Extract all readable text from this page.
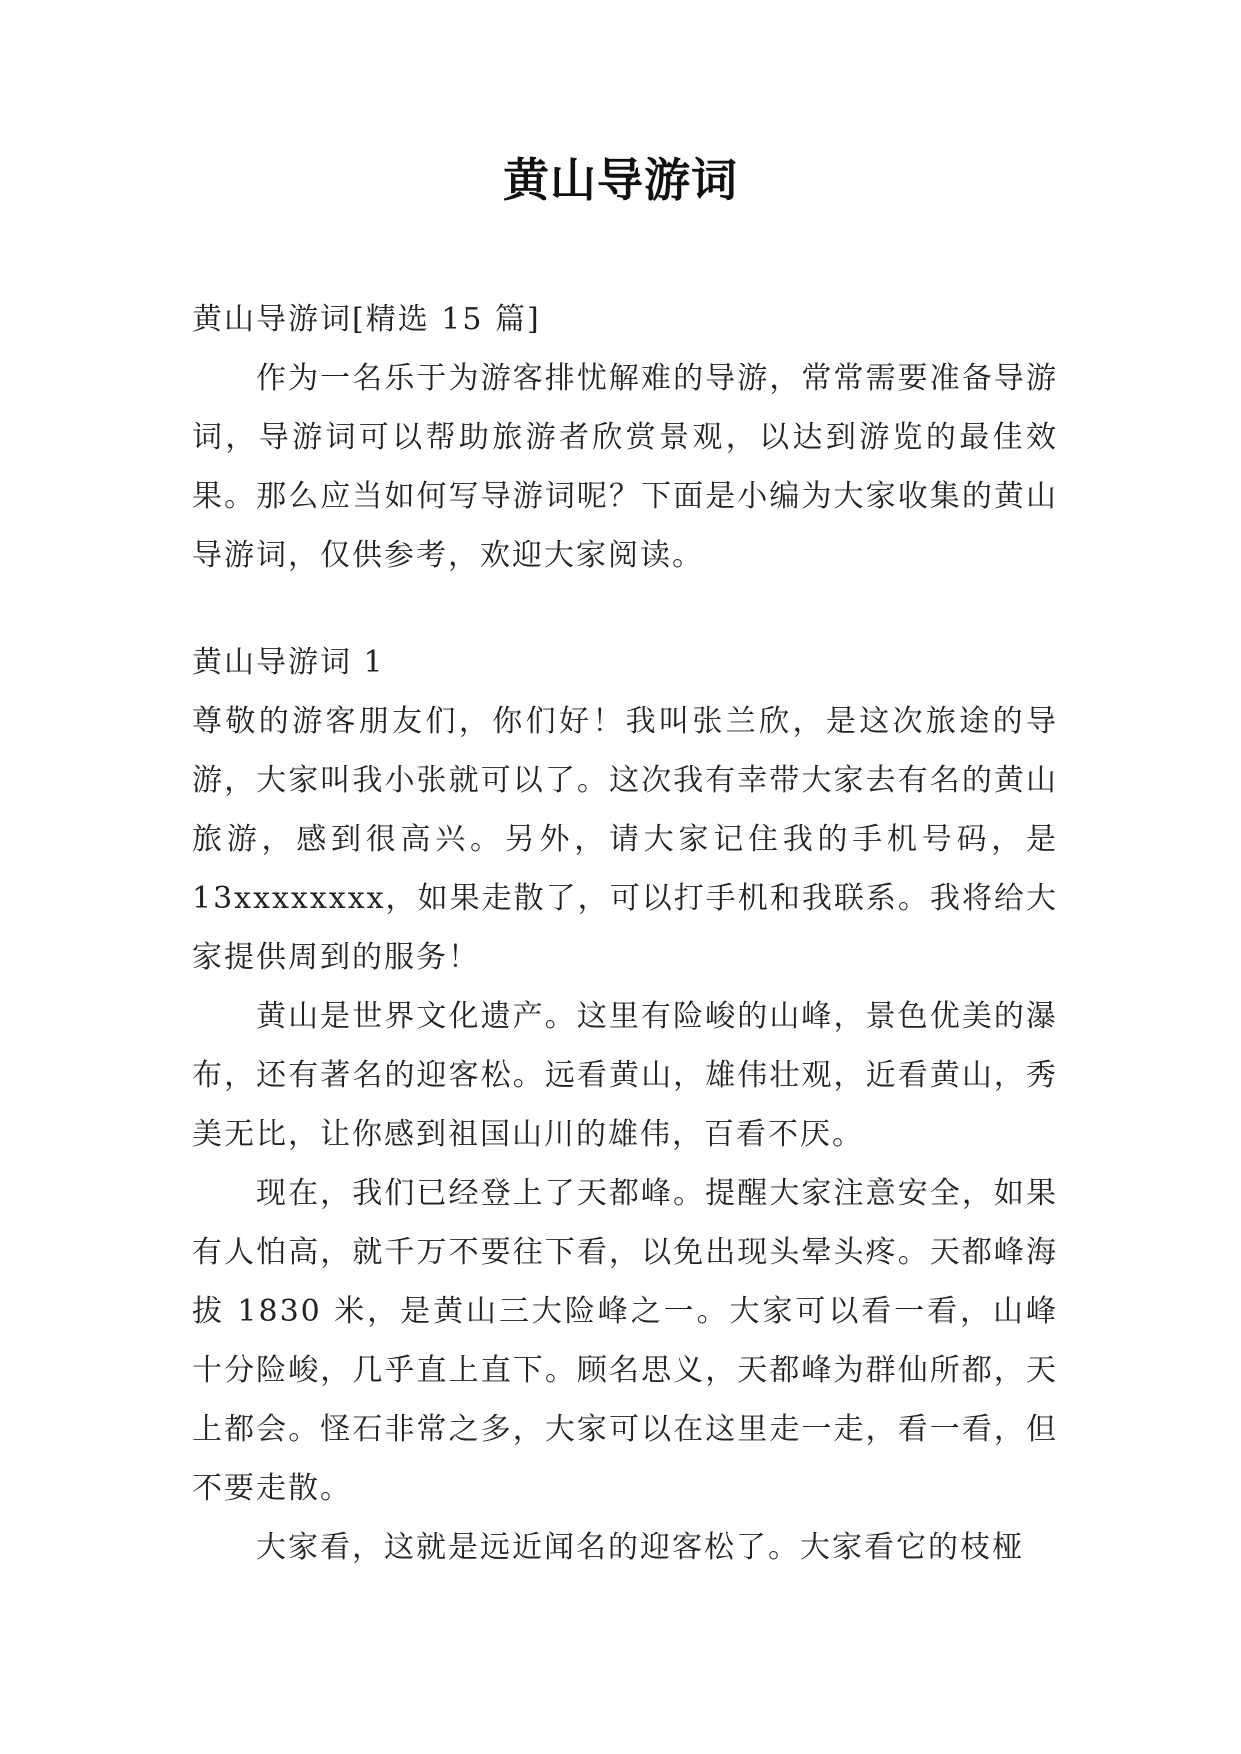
黄山导游词

黄山导游词[精选 15 篇]

作为一名乐于为游客排忧解难的导游，常常需要准备导游词，导游词可以帮助旅游者欣赏景观，以达到游览的最佳效果。那么应当如何写导游词呢？下面是小编为大家收集的黄山导游词，仅供参考，欢迎大家阅读。

黄山导游词 1

尊敬的游客朋友们，你们好！我叫张兰欣，是这次旅途的导游，大家叫我小张就可以了。这次我有幸带大家去有名的黄山旅游，感到很高兴。另外，请大家记住我的手机号码，是13xxxxxxxx，如果走散了，可以打手机和我联系。我将给大家提供周到的服务！

黄山是世界文化遗产。这里有险峻的山峰，景色优美的瀑布，还有著名的迎客松。远看黄山，雄伟壮观，近看黄山，秀美无比，让你感到祖国山川的雄伟，百看不厌。

现在，我们已经登上了天都峰。提醒大家注意安全，如果有人怕高，就千万不要往下看，以免出现头晕头疼。天都峰海拔 1830 米，是黄山三大险峰之一。大家可以看一看，山峰十分险峻，几乎直上直下。顾名思义，天都峰为群仙所都，天上都会。怪石非常之多，大家可以在这里走一走，看一看，但不要走散。

大家看，这就是远近闻名的迎客松了。大家看它的枝桠
